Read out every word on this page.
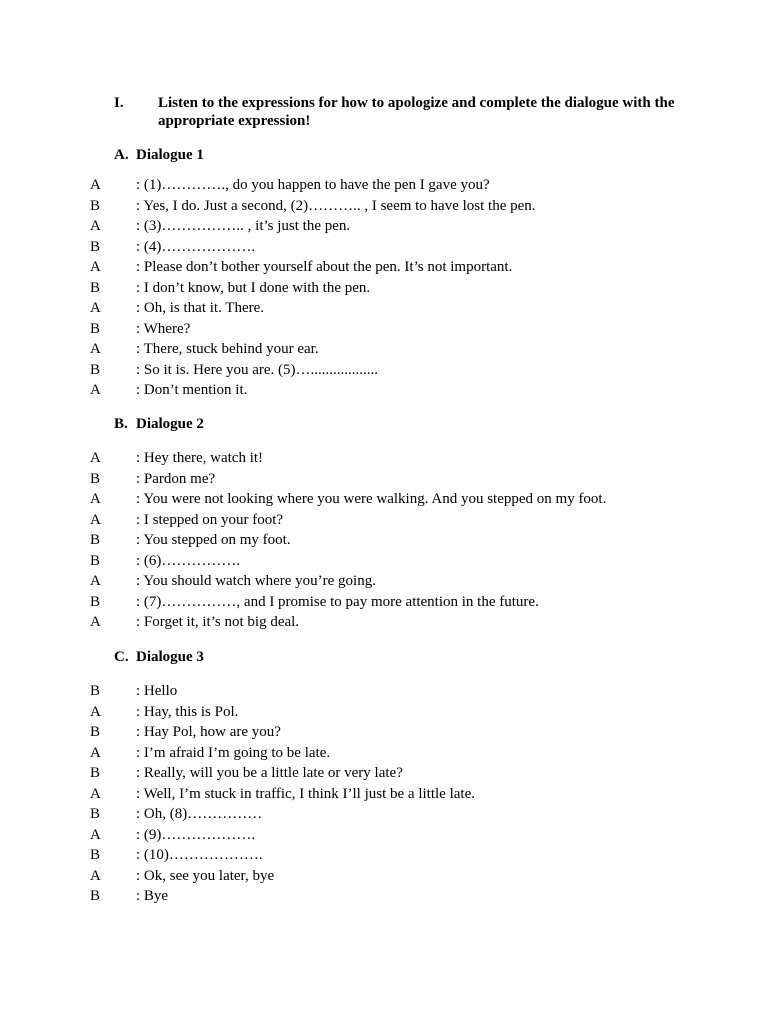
I.	Listen to the expressions for how to apologize and complete the dialogue with the appropriate expression!
A. Dialogue 1
A	: (1)…………., do you happen to have the pen I gave you?
B	: Yes, I do. Just a second, (2)……….. , I seem to have lost the pen.
A	: (3)…………….. , it’s just the pen.
B	: (4)……………….
A	: Please don’t bother yourself about the pen. It’s not important.
B	: I don’t know, but I done with the pen.
A	: Oh, is that it. There.
B	: Where?
A	: There, stuck behind your ear.
B	: So it is. Here you are. (5)…..................
A	: Don’t mention it.
B. Dialogue 2
A	: Hey there, watch it!
B	: Pardon me?
A	: You were not looking where you were walking. And you stepped on my foot.
A	: I stepped on your foot?
B	: You stepped on my foot.
B	: (6)…………….
A	: You should watch where you’re going.
B	: (7)……………, and I promise to pay more attention in the future.
A	: Forget it, it’s not big deal.
C. Dialogue 3
B	: Hello
A	: Hay, this is Pol.
B	: Hay Pol, how are you?
A	: I’m afraid I’m going to be late.
B	: Really, will you be a little late or very late?
A	: Well, I’m stuck in traffic, I think I’ll just be a little late.
B	: Oh, (8)……………
A	: (9)……………….
B	: (10)……………….
A	: Ok, see you later, bye
B	: Bye
